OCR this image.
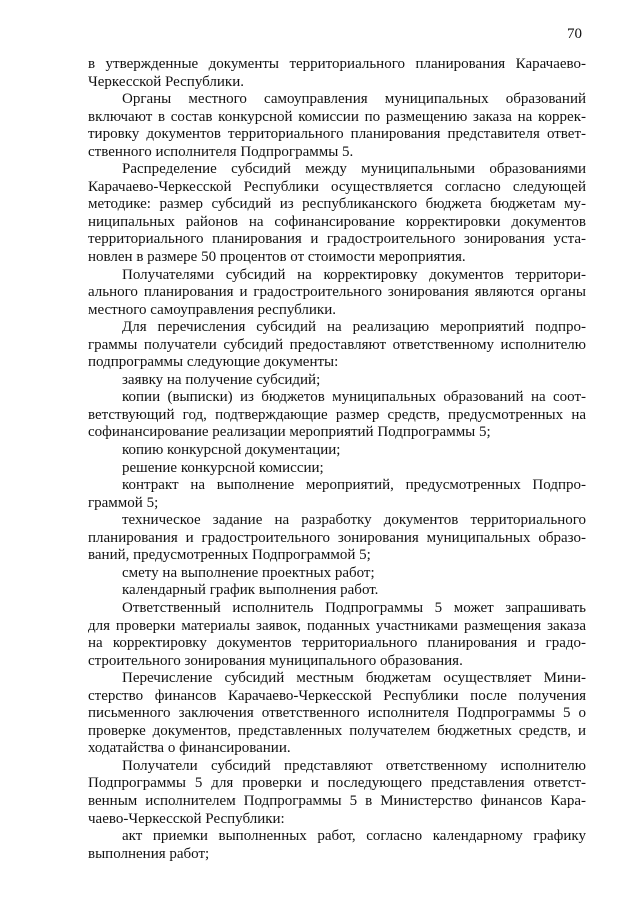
70
в утвержденные документы территориального планирования Карачаево-
Черкесской Республики.
Органы местного самоуправления муниципальных образований
включают в состав конкурсной комиссии по размещению заказа на коррек-
тировку документов территориального планирования представителя ответ-
ственного исполнителя Подпрограммы 5.
Распределение субсидий между муниципальными образованиями
Карачаево-Черкесской Республики осуществляется согласно следующей
методике: размер субсидий из республиканского бюджета бюджетам му-
ниципальных районов на софинансирование корректировки документов
территориального планирования и градостроительного зонирования уста-
новлен в размере 50 процентов от стоимости мероприятия.
Получателями субсидий на корректировку документов территори-
ального планирования и градостроительного зонирования являются органы
местного самоуправления республики.
Для перечисления субсидий на реализацию мероприятий подпро-
граммы получатели субсидий предоставляют ответственному исполнителю
подпрограммы следующие документы:
заявку на получение субсидий;
копии (выписки) из бюджетов муниципальных образований на соот-
ветствующий год, подтверждающие размер средств, предусмотренных на
софинансирование реализации мероприятий Подпрограммы 5;
копию конкурсной документации;
решение конкурсной комиссии;
контракт на выполнение мероприятий, предусмотренных Подпро-
граммой 5;
техническое задание на разработку документов территориального
планирования и градостроительного зонирования муниципальных образо-
ваний, предусмотренных Подпрограммой 5;
смету на выполнение проектных работ;
календарный график выполнения работ.
Ответственный исполнитель Подпрограммы 5 может запрашивать
для проверки материалы заявок, поданных участниками размещения заказа
на корректировку документов территориального планирования и градо-
строительного зонирования муниципального образования.
Перечисление субсидий местным бюджетам осуществляет Мини-
стерство финансов Карачаево-Черкесской Республики после получения
письменного заключения ответственного исполнителя Подпрограммы 5 о
проверке документов, представленных получателем бюджетных средств, и
ходатайства о финансировании.
Получатели субсидий представляют ответственному исполнителю
Подпрограммы 5 для проверки и последующего представления ответст-
венным исполнителем Подпрограммы 5 в Министерство финансов Кара-
чаево-Черкесской Республики:
акт приемки выполненных работ, согласно календарному графику
выполнения работ;
